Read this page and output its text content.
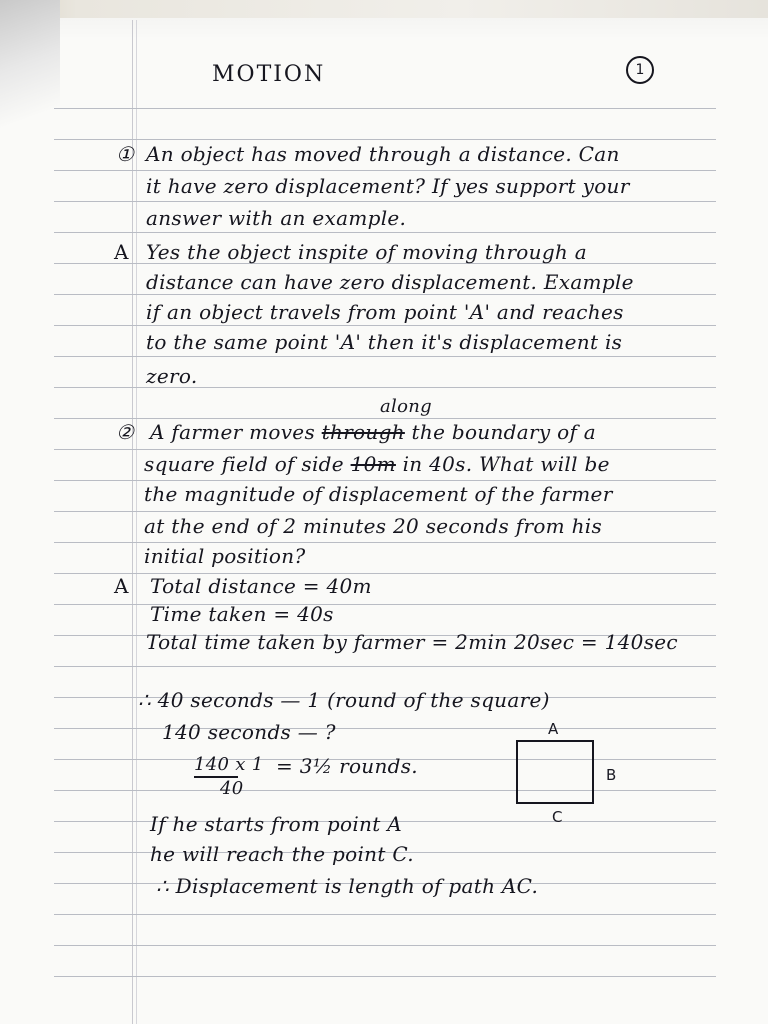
MOTION	1
① An object has moved through a distance. Can
it have zero displacement? If yes support your
answer with an example.
A Yes the object inspite of moving through a
distance can have zero displacement. Example
if an object travels from point 'A' and reaches
to the same point 'A' then it's displacement is
zero.
along
② A farmer moves through the boundary of a
square field of side 10m in 40s. What will be
the magnitude of displacement of the farmer
at the end of 2 minutes 20 seconds from his
initial position?
A Total distance = 40m
Time taken = 40s
Total time taken by farmer = 2min 20sec = 140sec
∴ 40 seconds — 1 (round of the square)
140 seconds — ?
140 x 1
40
= 3½ rounds.
A
B
C
If he starts from point A
he will reach the point C.
∴ Displacement is length of path AC.
